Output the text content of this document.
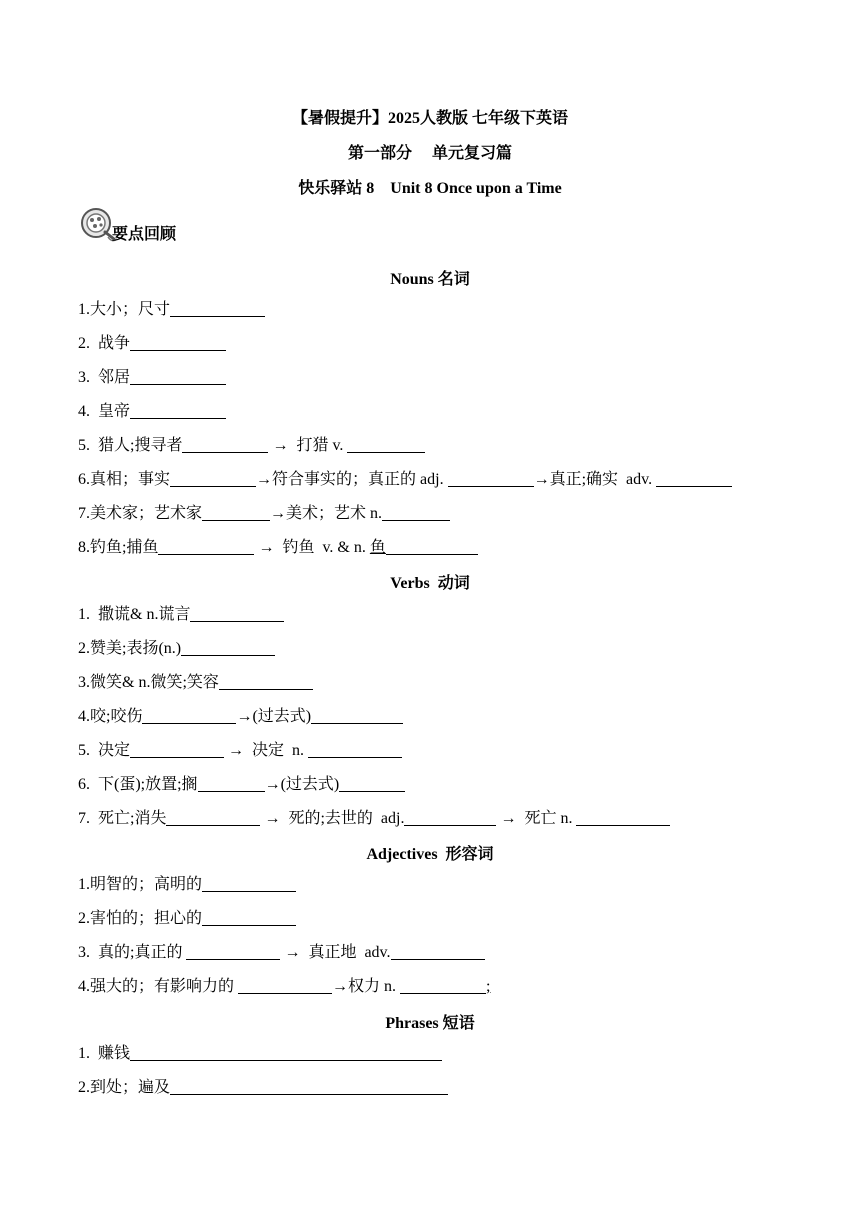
【暑假提升】2025人教版 七年级下英语
第一部分     单元复习篇
快乐驿站 8    Unit 8 Once upon a Time
要点回顾
Nouns 名词
1.大小；尺寸
2.  战争
3.  邻居
4.  皇帝
5.  猎人;搜寻者	→  打猎 v.
6.真相；事实	→符合事实的；真正的 adj.	→真正;确实  adv.
7.美术家；艺术家	→美术；艺术 n.
8.钓鱼;捕鱼	→  钓鱼  v. & n. 鱼
Verbs  动词
1.  撒谎& n.谎言
2.赞美;表扬(n.)
3.微笑& n.微笑;笑容
4.咬;咬伤	→(过去式)
5.  决定	→  决定  n.
6.  下(蛋);放置;搁	→(过去式)
7.  死亡;消失	→  死的;去世的  adj.	→  死亡 n.
Adjectives  形容词
1.明智的；高明的
2.害怕的；担心的
3.  真的;真正的	→  真正地  adv.
4.强大的；有影响力的	→权力 n.	;
Phrases 短语
1.  赚钱
2.到处；遍及
